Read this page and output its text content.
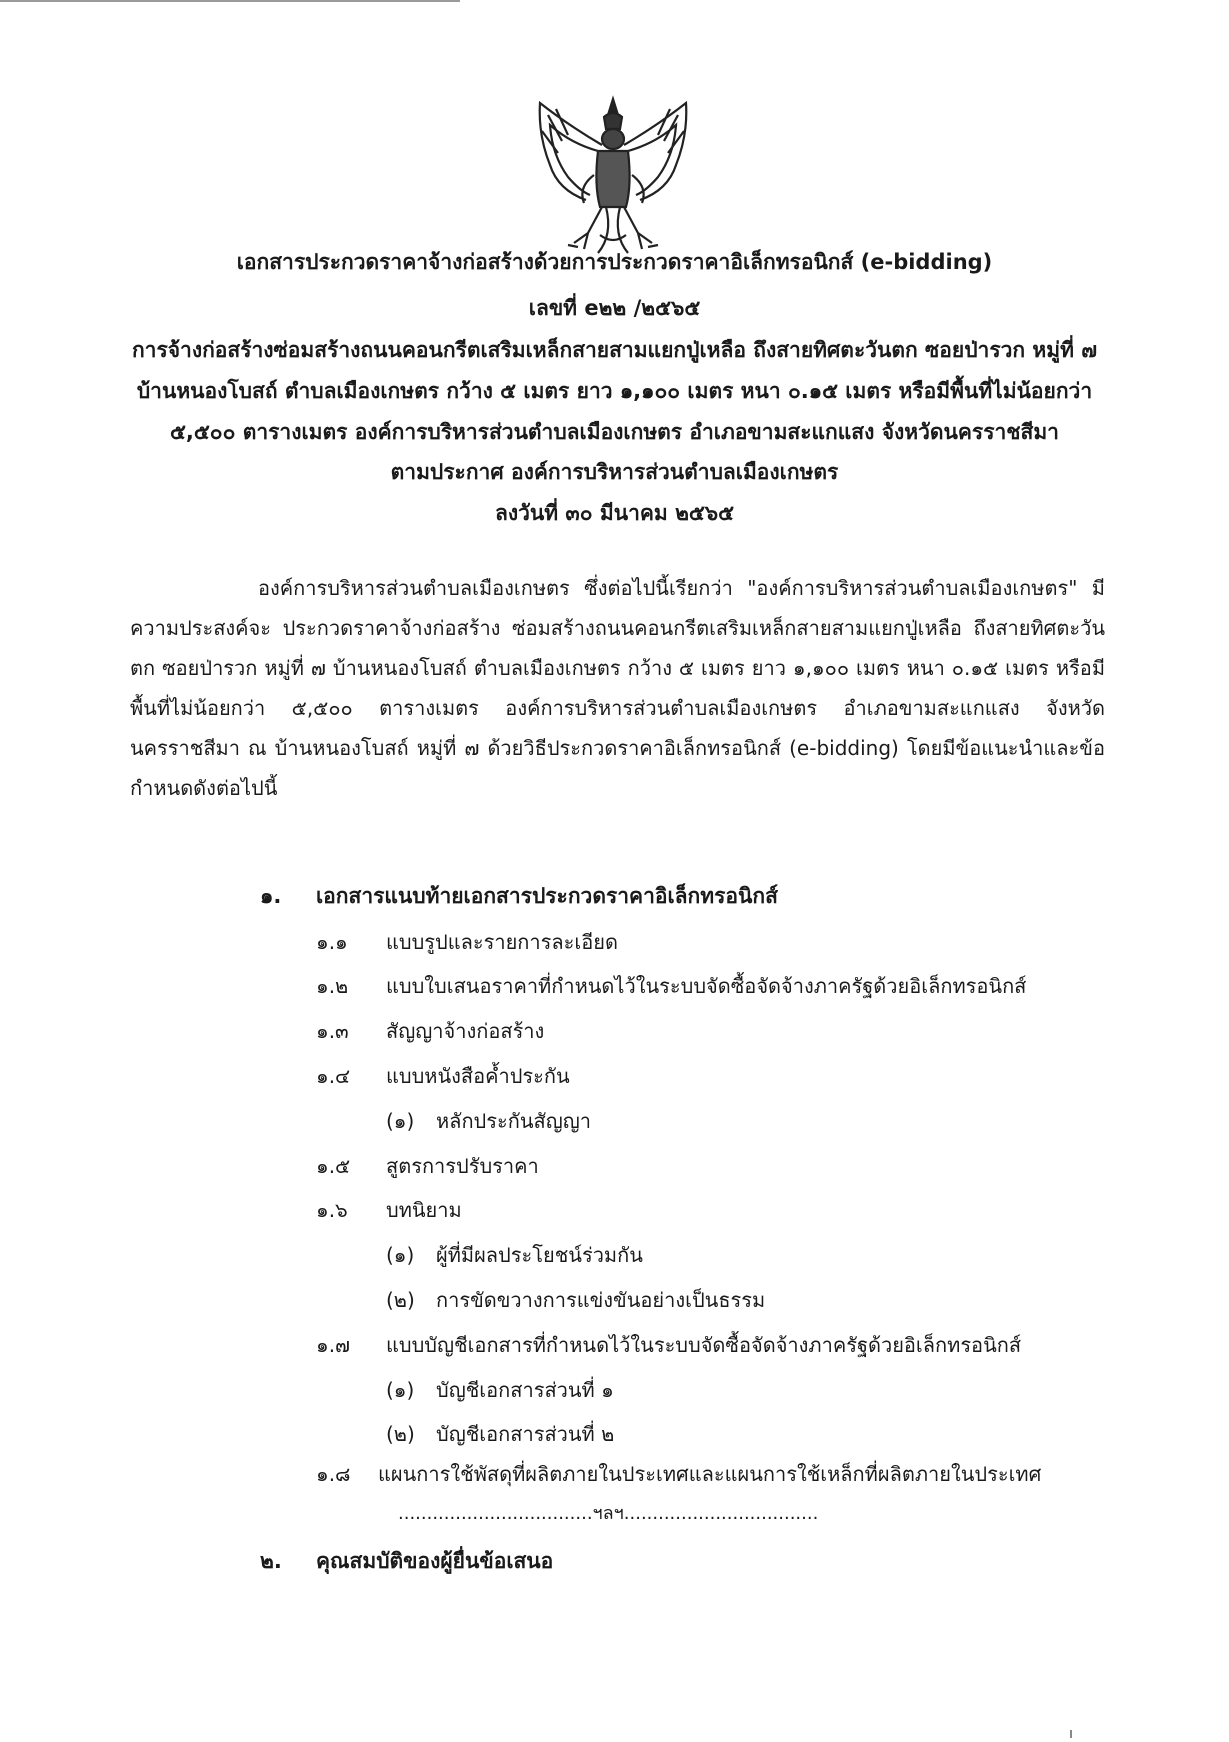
เอกสารประกวดราคาจ้างก่อสร้างด้วยการประกวดราคาอิเล็กทรอนิกส์ (e-bidding)
เลขที่ e๒๒ /๒๕๖๕
การจ้างก่อสร้างซ่อมสร้างถนนคอนกรีตเสริมเหล็กสายสามแยกปู่เหลือ ถึงสายทิศตะวันตก ซอยป่ารวก หมู่ที่ ๗
บ้านหนองโบสถ์ ตำบลเมืองเกษตร กว้าง ๕ เมตร ยาว ๑,๑๐๐ เมตร หนา ๐.๑๕ เมตร หรือมีพื้นที่ไม่น้อยกว่า
๕,๕๐๐ ตารางเมตร องค์การบริหารส่วนตำบลเมืองเกษตร อำเภอขามสะแกแสง จังหวัดนครราชสีมา
ตามประกาศ องค์การบริหารส่วนตำบลเมืองเกษตร
ลงวันที่ ๓๐ มีนาคม ๒๕๖๕
องค์การบริหารส่วนตำบลเมืองเกษตร ซึ่งต่อไปนี้เรียกว่า "องค์การบริหารส่วนตำบลเมืองเกษตร" มีความประสงค์จะ ประกวดราคาจ้างก่อสร้าง ซ่อมสร้างถนนคอนกรีตเสริมเหล็กสายสามแยกปู่เหลือ ถึงสายทิศตะวันตก ซอยป่ารวก หมู่ที่ ๗ บ้านหนองโบสถ์ ตำบลเมืองเกษตร กว้าง ๕ เมตร ยาว ๑,๑๐๐ เมตร หนา ๐.๑๕ เมตร หรือมีพื้นที่ไม่น้อยกว่า ๕,๕๐๐ ตารางเมตร องค์การบริหารส่วนตำบลเมืองเกษตร อำเภอขามสะแกแสง จังหวัดนครราชสีมา ณ บ้านหนองโบสถ์ หมู่ที่ ๗ ด้วยวิธีประกวดราคาอิเล็กทรอนิกส์ (e-bidding) โดยมีข้อแนะนำและข้อกำหนดดังต่อไปนี้
๑. เอกสารแนบท้ายเอกสารประกวดราคาอิเล็กทรอนิกส์
๑.๑ แบบรูปและรายการละเอียด
๑.๒ แบบใบเสนอราคาที่กำหนดไว้ในระบบจัดซื้อจัดจ้างภาครัฐด้วยอิเล็กทรอนิกส์
๑.๓ สัญญาจ้างก่อสร้าง
๑.๔ แบบหนังสือค้ำประกัน
(๑) หลักประกันสัญญา
๑.๕ สูตรการปรับราคา
๑.๖ บทนิยาม
(๑) ผู้ที่มีผลประโยชน์ร่วมกัน
(๒) การขัดขวางการแข่งขันอย่างเป็นธรรม
๑.๗ แบบบัญชีเอกสารที่กำหนดไว้ในระบบจัดซื้อจัดจ้างภาครัฐด้วยอิเล็กทรอนิกส์
(๑) บัญชีเอกสารส่วนที่ ๑
(๒) บัญชีเอกสารส่วนที่ ๒
๑.๘ แผนการใช้พัสดุที่ผลิตภายในประเทศและแผนการใช้เหล็กที่ผลิตภายในประเทศ
..................................ฯลฯ..................................
๒. คุณสมบัติของผู้ยื่นข้อเสนอ
